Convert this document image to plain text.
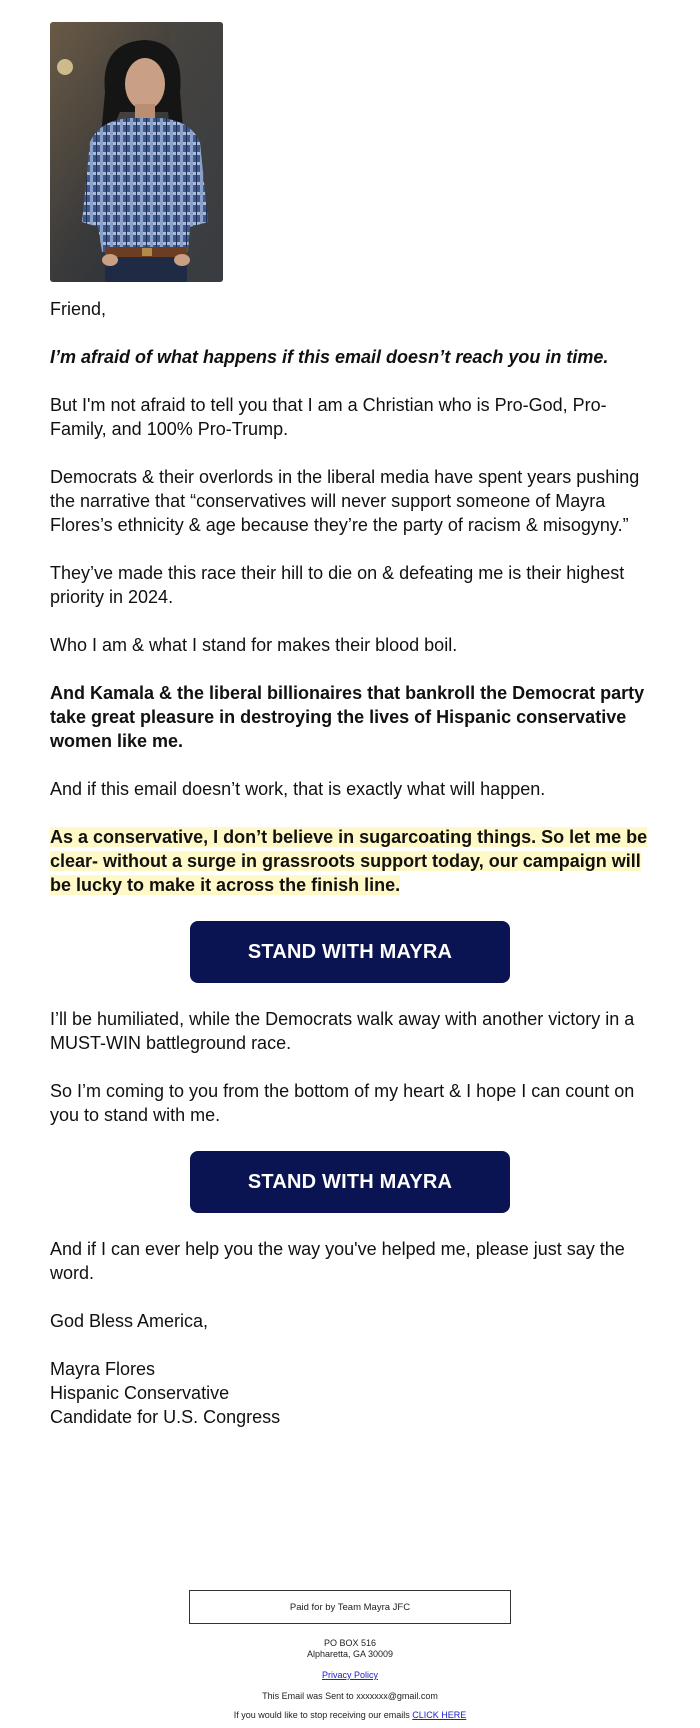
Friend,

I’m afraid of what happens if this email doesn’t reach you in time.

But I'm not afraid to tell you that I am a Christian who is Pro-God, Pro-Family, and 100% Pro-Trump.

Democrats & their overlords in the liberal media have spent years pushing the narrative that “conservatives will never support someone of Mayra Flores’s ethnicity & age because they’re the party of racism & misogyny.”

They’ve made this race their hill to die on & defeating me is their highest priority in 2024.

Who I am & what I stand for makes their blood boil.

And Kamala & the liberal billionaires that bankroll the Democrat party take great pleasure in destroying the lives of Hispanic conservative women like me.

And if this email doesn’t work, that is exactly what will happen.

As a conservative, I don’t believe in sugarcoating things. So let me be clear- without a surge in grassroots support today, our campaign will be lucky to make it across the finish line.

STAND WITH MAYRA

I’ll be humiliated, while the Democrats walk away with another victory in a MUST-WIN battleground race.

So I’m coming to you from the bottom of my heart & I hope I can count on you to stand with me.

STAND WITH MAYRA

And if I can ever help you the way you've helped me, please just say the word.

God Bless America,

Mayra Flores

Hispanic Conservative

Candidate for U.S. Congress

Paid for by Team Mayra JFC
PO BOX 516
Alpharetta, GA 30009
Privacy Policy
This Email was Sent to xxxxxxx@gmail.com
If you would like to stop receiving our emails CLICK HERE
